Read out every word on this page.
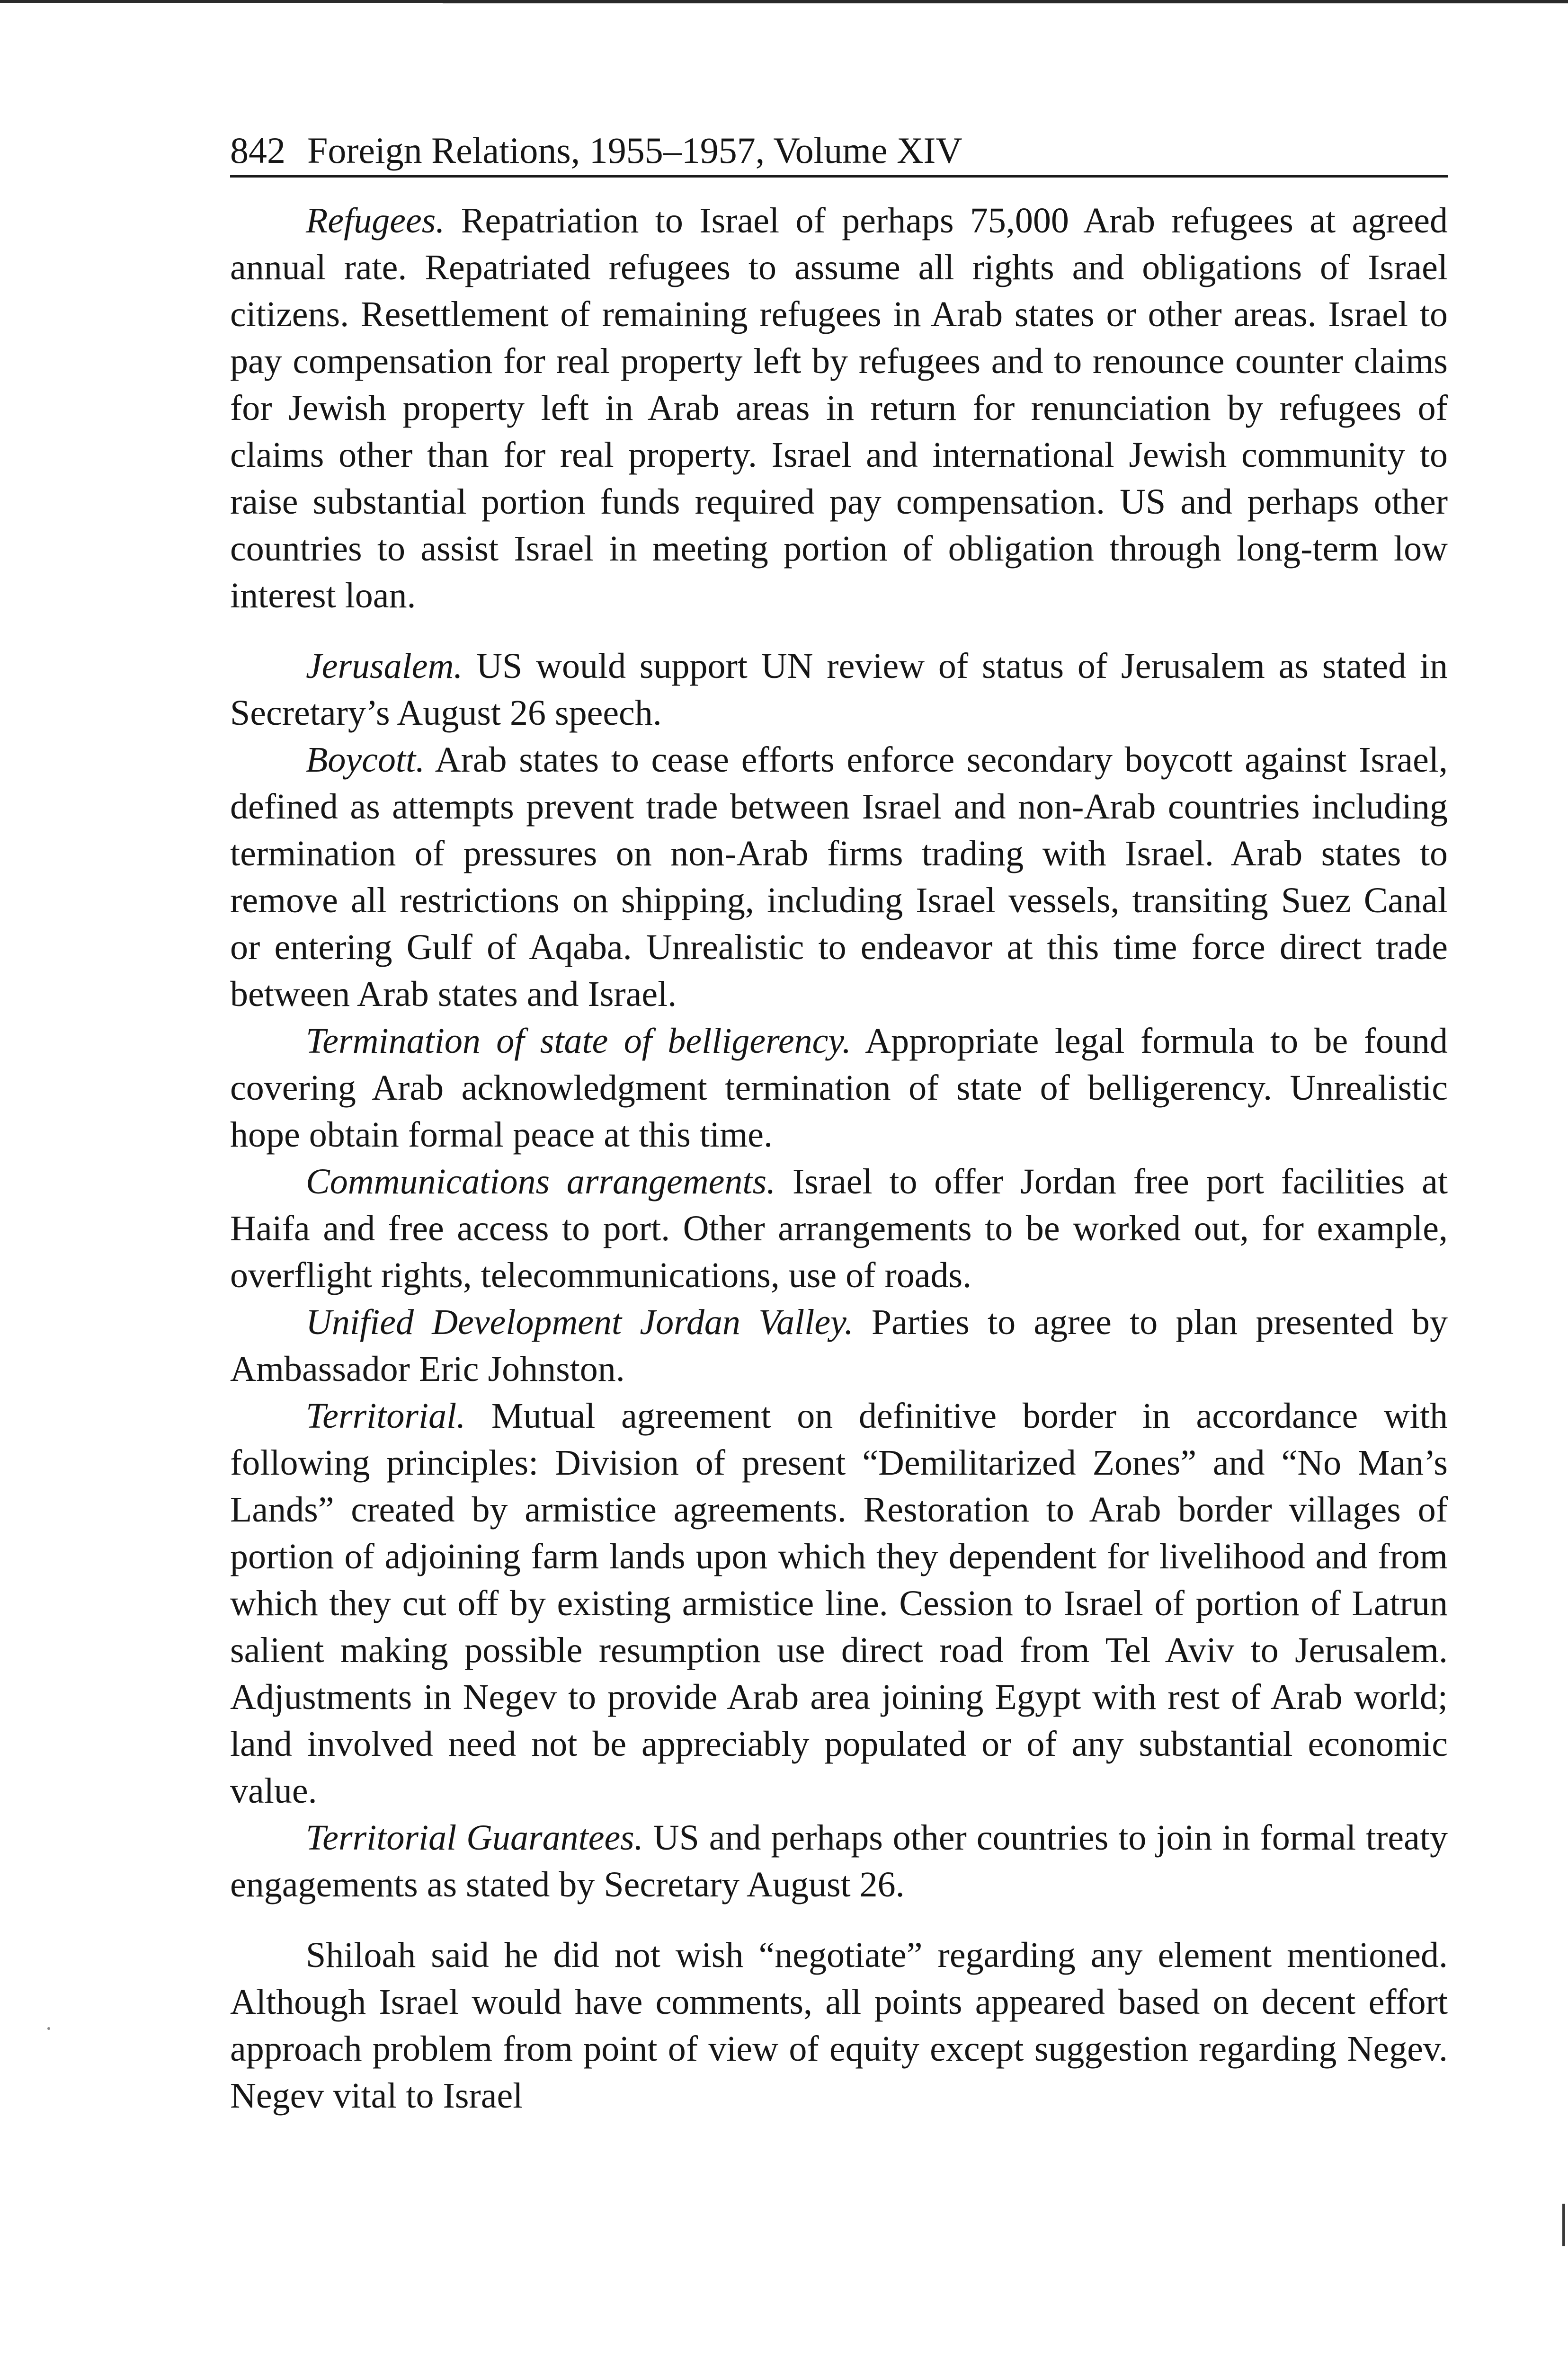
842 Foreign Relations, 1955–1957, Volume XIV

Refugees. Repatriation to Israel of perhaps 75,000 Arab refugees at agreed annual rate. Repatriated refugees to assume all rights and obligations of Israel citizens. Resettlement of remaining refugees in Arab states or other areas. Israel to pay compensation for real property left by refugees and to renounce counter claims for Jewish property left in Arab areas in return for renunciation by refugees of claims other than for real property. Israel and international Jewish community to raise substantial portion funds required pay compensation. US and perhaps other countries to assist Israel in meeting portion of obligation through long-term low interest loan.

Jerusalem. US would support UN review of status of Jerusalem as stated in Secretary’s August 26 speech.

Boycott. Arab states to cease efforts enforce secondary boycott against Israel, defined as attempts prevent trade between Israel and non-Arab countries including termination of pressures on non-Arab firms trading with Israel. Arab states to remove all restrictions on shipping, including Israel vessels, transiting Suez Canal or entering Gulf of Aqaba. Unrealistic to endeavor at this time force direct trade between Arab states and Israel.

Termination of state of belligerency. Appropriate legal formula to be found covering Arab acknowledgment termination of state of belligerency. Unrealistic hope obtain formal peace at this time.

Communications arrangements. Israel to offer Jordan free port facilities at Haifa and free access to port. Other arrangements to be worked out, for example, overflight rights, telecommunications, use of roads.

Unified Development Jordan Valley. Parties to agree to plan presented by Ambassador Eric Johnston.

Territorial. Mutual agreement on definitive border in accordance with following principles: Division of present “Demilitarized Zones” and “No Man’s Lands” created by armistice agreements. Restoration to Arab border villages of portion of adjoining farm lands upon which they dependent for livelihood and from which they cut off by existing armistice line. Cession to Israel of portion of Latrun salient making possible resumption use direct road from Tel Aviv to Jerusalem. Adjustments in Negev to provide Arab area joining Egypt with rest of Arab world; land involved need not be appreciably populated or of any substantial economic value.

Territorial Guarantees. US and perhaps other countries to join in formal treaty engagements as stated by Secretary August 26.

Shiloah said he did not wish “negotiate” regarding any element mentioned. Although Israel would have comments, all points appeared based on decent effort approach problem from point of view of equity except suggestion regarding Negev. Negev vital to Israel
